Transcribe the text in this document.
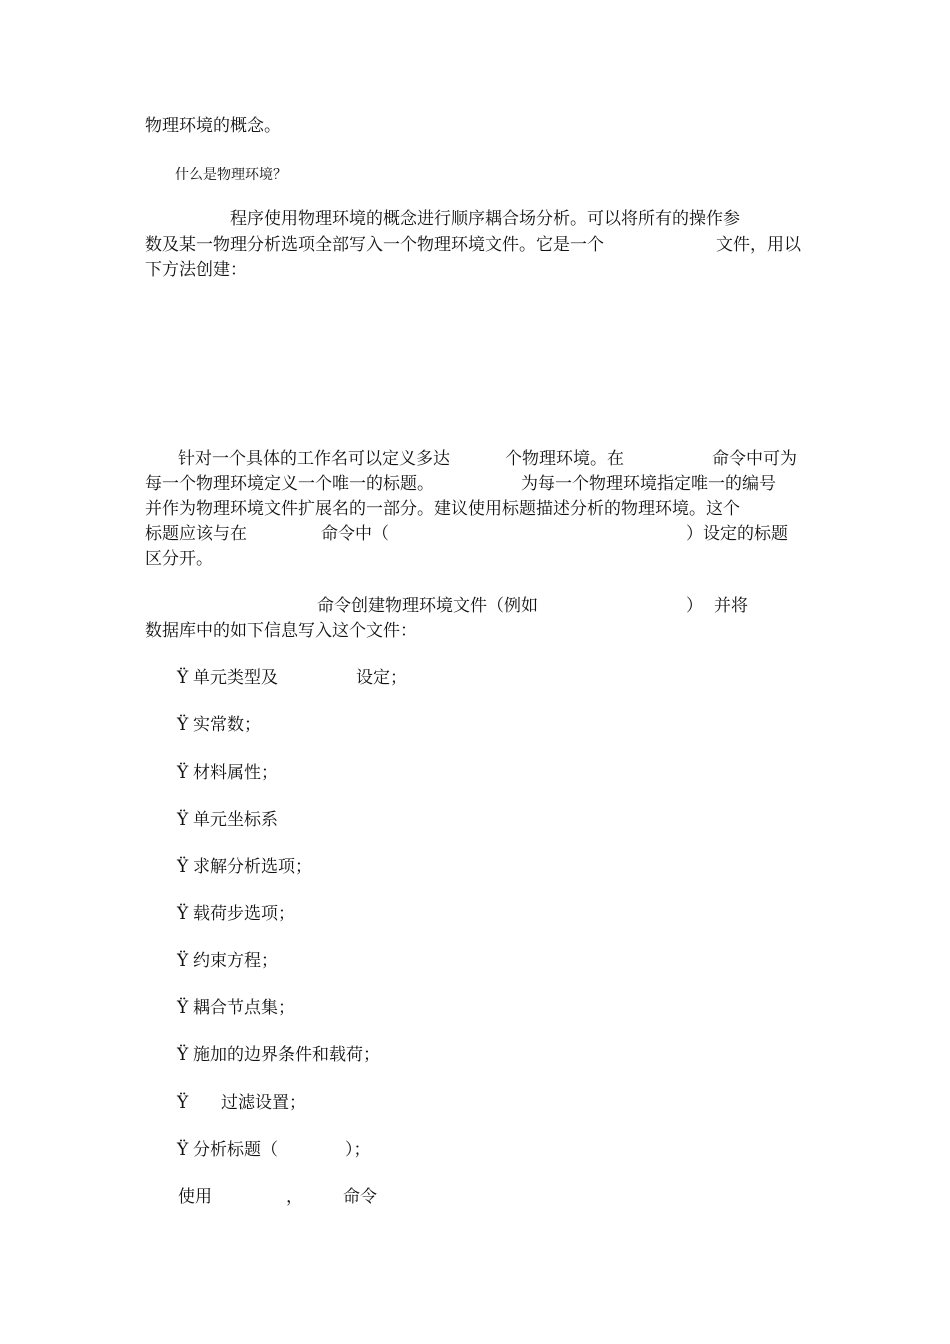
物理环境的概念。
什么是物理环境？
程序使用物理环境的概念进行顺序耦合场分析。可以将所有的操作参
数及某一物理分析选项全部写入一个物理环境文件。它是一个	文件，用以
下方法创建：
针对一个具体的工作名可以定义多达	个物理环境。在	命令中可为
每一个物理环境定义一个唯一的标题。	为每一个物理环境指定唯一的编号
并作为物理环境文件扩展名的一部分。建议使用标题描述分析的物理环境。这个
标题应该与在	命令中（	）设定的标题
区分开。
命令创建物理环境文件（例如	） 并将
数据库中的如下信息写入这个文件：
Ÿ 单元类型及	设定；
Ÿ 实常数；
Ÿ 材料属性；
Ÿ 单元坐标系
Ÿ 求解分析选项；
Ÿ 载荷步选项；
Ÿ 约束方程；
Ÿ 耦合节点集；
Ÿ 施加的边界条件和载荷；
Ÿ 过滤设置；
Ÿ 分析标题（	）；
使用	， 命令
